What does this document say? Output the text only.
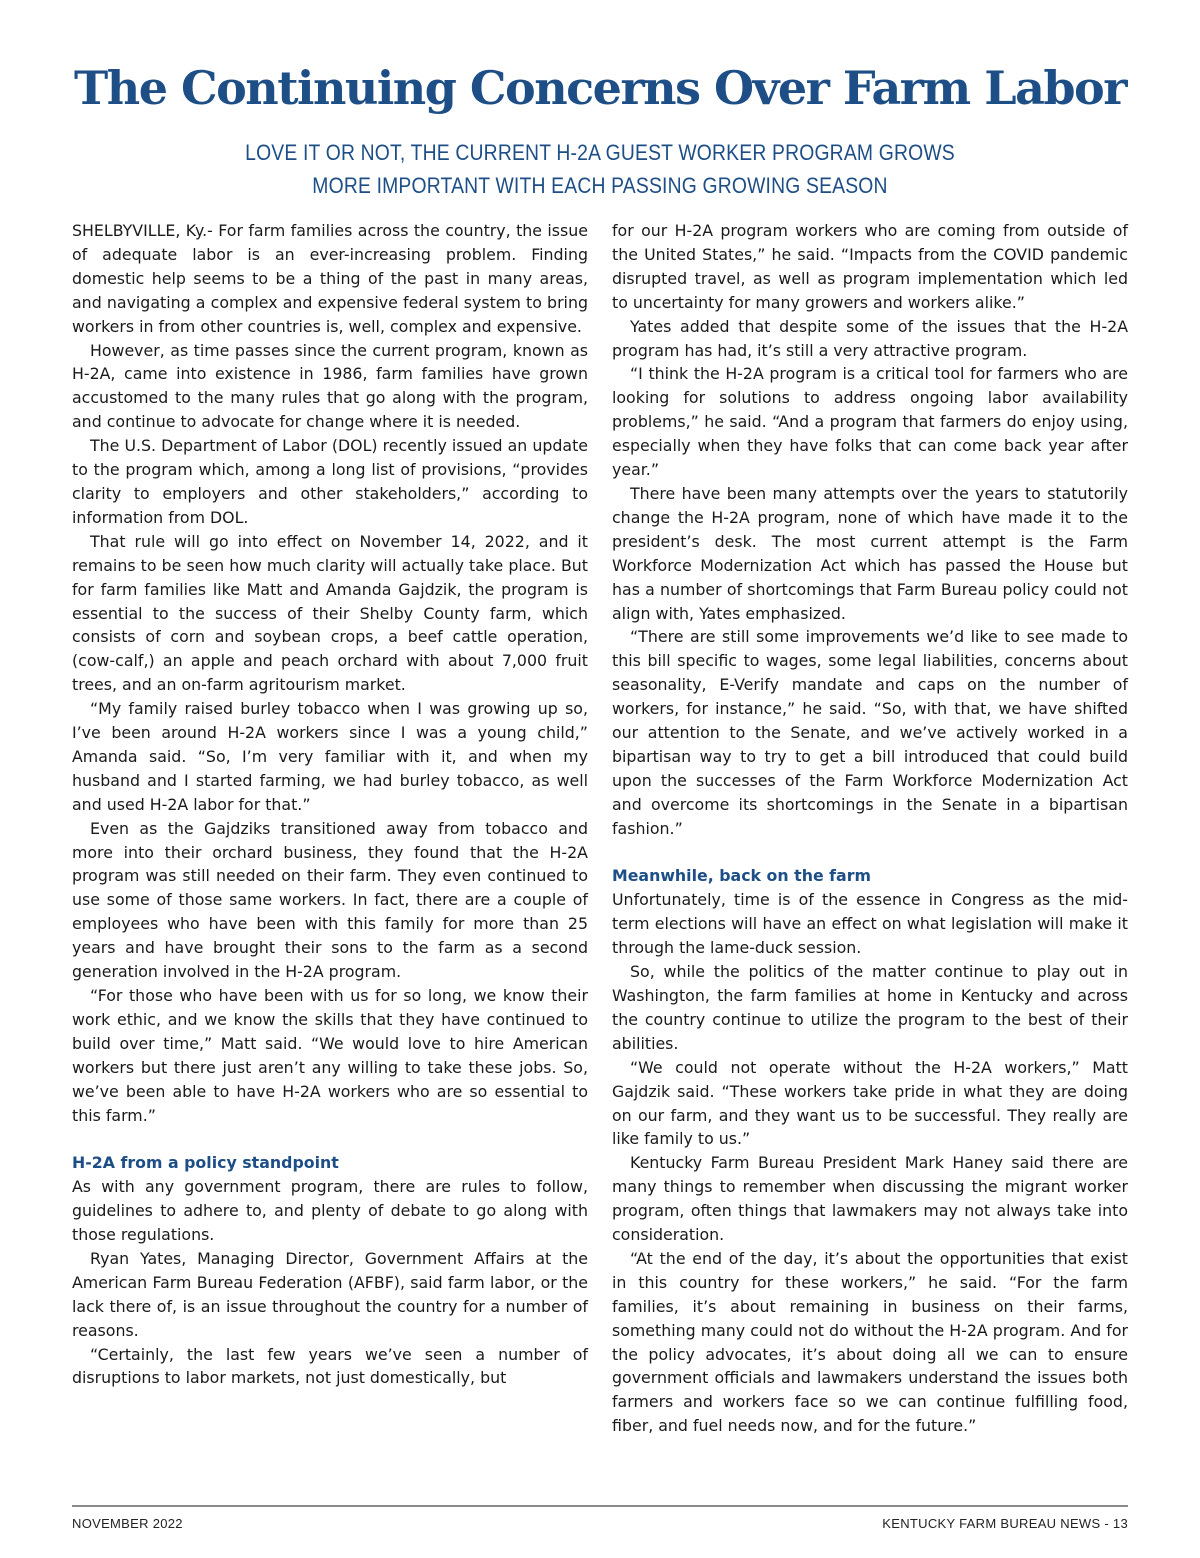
The Continuing Concerns Over Farm Labor
LOVE IT OR NOT, THE CURRENT H-2A GUEST WORKER PROGRAM GROWS
MORE IMPORTANT WITH EACH PASSING GROWING SEASON

SHELBYVILLE, Ky.- For farm families across the country, the issue of adequate labor is an ever-increasing problem. Finding domestic help seems to be a thing of the past in many areas, and navigating a complex and expensive federal system to bring workers in from other countries is, well, complex and expensive.

However, as time passes since the current program, known as H-2A, came into existence in 1986, farm families have grown accustomed to the many rules that go along with the program, and continue to advocate for change where it is needed.

The U.S. Department of Labor (DOL) recently issued an update to the program which, among a long list of provisions, “provides clarity to employers and other stakeholders,” according to information from DOL.

That rule will go into effect on November 14, 2022, and it remains to be seen how much clarity will actually take place. But for farm families like Matt and Amanda Gajdzik, the program is essential to the success of their Shelby County farm, which consists of corn and soybean crops, a beef cattle operation, (cow-calf,) an apple and peach orchard with about 7,000 fruit trees, and an on-farm agritourism market.

“My family raised burley tobacco when I was growing up so, I’ve been around H-2A workers since I was a young child,” Amanda said. “So, I’m very familiar with it, and when my husband and I started farming, we had burley tobacco, as well and used H-2A labor for that.”

Even as the Gajdziks transitioned away from tobacco and more into their orchard business, they found that the H-2A program was still needed on their farm. They even continued to use some of those same workers. In fact, there are a couple of employees who have been with this family for more than 25 years and have brought their sons to the farm as a second generation involved in the H-2A program.

“For those who have been with us for so long, we know their work ethic, and we know the skills that they have continued to build over time,” Matt said. “We would love to hire American workers but there just aren’t any willing to take these jobs. So, we’ve been able to have H-2A workers who are so essential to this farm.”

H-2A from a policy standpoint

As with any government program, there are rules to follow, guidelines to adhere to, and plenty of debate to go along with those regulations.

Ryan Yates, Managing Director, Government Affairs at the American Farm Bureau Federation (AFBF), said farm labor, or the lack there of, is an issue throughout the country for a number of reasons.

“Certainly, the last few years we’ve seen a number of disruptions to labor markets, not just domestically, but

for our H-2A program workers who are coming from outside of the United States,” he said. “Impacts from the COVID pandemic disrupted travel, as well as program implementation which led to uncertainty for many growers and workers alike.”

Yates added that despite some of the issues that the H-2A program has had, it’s still a very attractive program.

“I think the H-2A program is a critical tool for farmers who are looking for solutions to address ongoing labor availability problems,” he said. “And a program that farmers do enjoy using, especially when they have folks that can come back year after year.”

There have been many attempts over the years to statutorily change the H-2A program, none of which have made it to the president’s desk. The most current attempt is the Farm Workforce Modernization Act which has passed the House but has a number of shortcomings that Farm Bureau policy could not align with, Yates emphasized.

“There are still some improvements we’d like to see made to this bill specific to wages, some legal liabilities, concerns about seasonality, E-Verify mandate and caps on the number of workers, for instance,” he said. “So, with that, we have shifted our attention to the Senate, and we’ve actively worked in a bipartisan way to try to get a bill introduced that could build upon the successes of the Farm Workforce Modernization Act and overcome its shortcomings in the Senate in a bipartisan fashion.”

Meanwhile, back on the farm

Unfortunately, time is of the essence in Congress as the mid-term elections will have an effect on what legislation will make it through the lame-duck session.

So, while the politics of the matter continue to play out in Washington, the farm families at home in Kentucky and across the country continue to utilize the program to the best of their abilities.

“We could not operate without the H-2A workers,” Matt Gajdzik said. “These workers take pride in what they are doing on our farm, and they want us to be successful. They really are like family to us.”

Kentucky Farm Bureau President Mark Haney said there are many things to remember when discussing the migrant worker program, often things that lawmakers may not always take into consideration.

“At the end of the day, it’s about the opportunities that exist in this country for these workers,” he said. “For the farm families, it’s about remaining in business on their farms, something many could not do without the H-2A program. And for the policy advocates, it’s about doing all we can to ensure government officials and lawmakers understand the issues both farmers and workers face so we can continue fulfilling food, fiber, and fuel needs now, and for the future.”

NOVEMBER 2022	KENTUCKY FARM BUREAU NEWS - 13
